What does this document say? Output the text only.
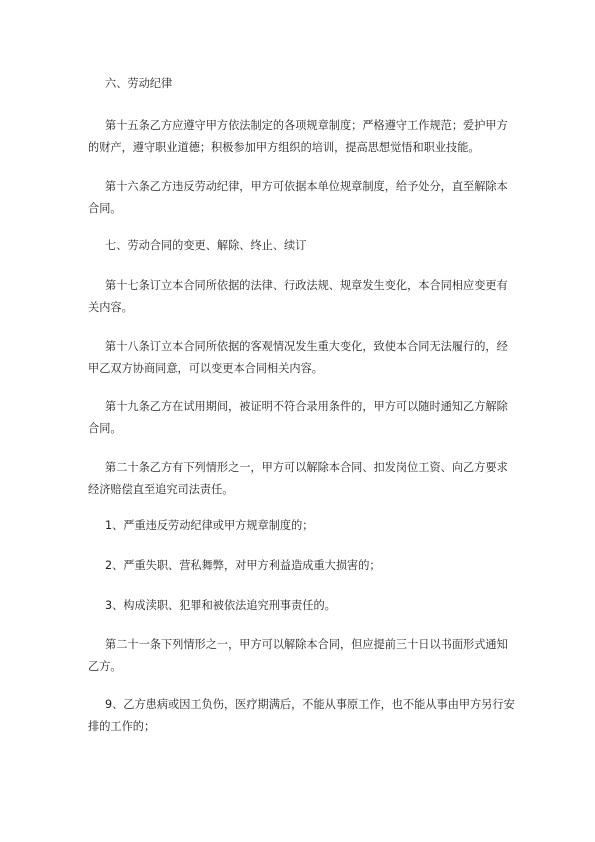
六、劳动纪律

第十五条乙方应遵守甲方依法制定的各项规章制度；严格遵守工作规范；爱护甲方的财产，遵守职业道德；积极参加甲方组织的培训，提高思想觉悟和职业技能。

第十六条乙方违反劳动纪律，甲方可依据本单位规章制度，给予处分，直至解除本合同。

七、劳动合同的变更、解除、终止、续订

第十七条订立本合同所依据的法律、行政法规、规章发生变化，本合同相应变更有关内容。

第十八条订立本合同所依据的客观情况发生重大变化，致使本合同无法履行的，经甲乙双方协商同意，可以变更本合同相关内容。

第十九条乙方在试用期间，被证明不符合录用条件的，甲方可以随时通知乙方解除合同。

第二十条乙方有下列情形之一，甲方可以解除本合同、扣发岗位工资、向乙方要求经济赔偿直至追究司法责任。

1、严重违反劳动纪律或甲方规章制度的；

2、严重失职、营私舞弊，对甲方利益造成重大损害的；

3、构成渎职、犯罪和被依法追究刑事责任的。

第二十一条下列情形之一，甲方可以解除本合同，但应提前三十日以书面形式通知乙方。

9、乙方患病或因工负伤，医疗期满后，不能从事原工作，也不能从事由甲方另行安排的工作的；
